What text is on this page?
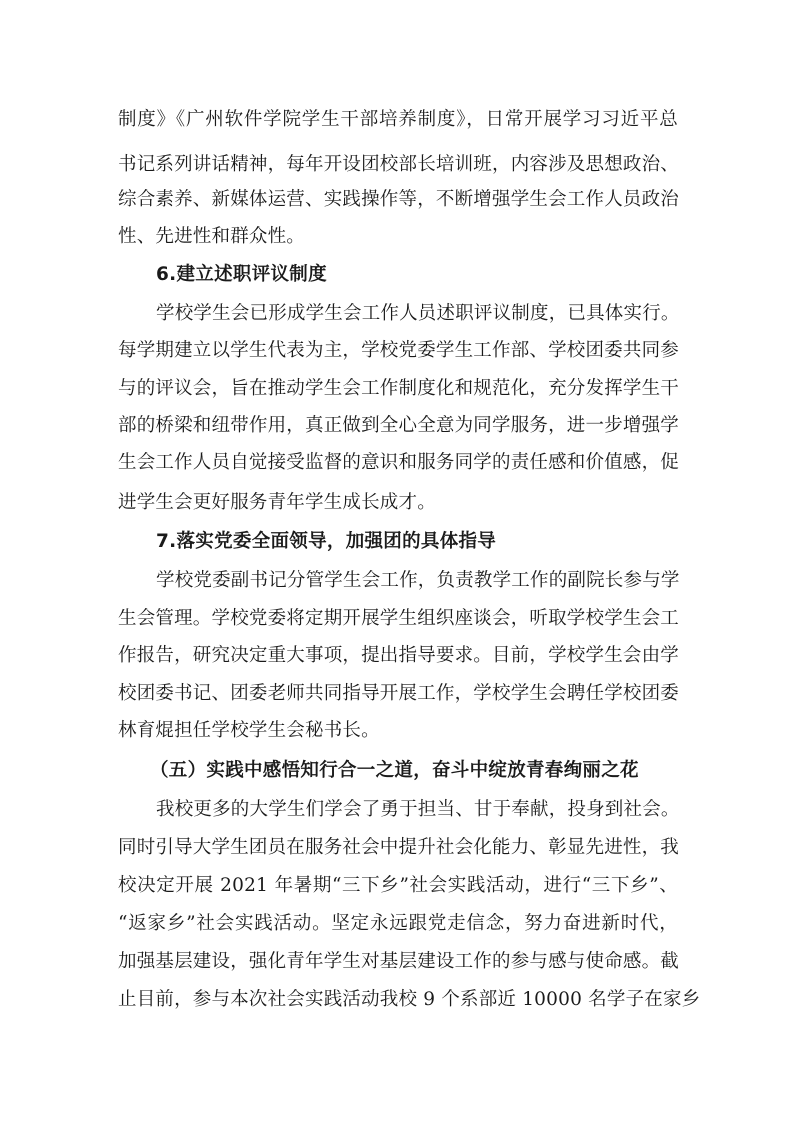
制度》《广州软件学院学生干部培养制度》，日常开展学习习近平总
书记系列讲话精神，每年开设团校部长培训班，内容涉及思想政治、
综合素养、新媒体运营、实践操作等，不断增强学生会工作人员政治
性、先进性和群众性。
6.建立述职评议制度
学校学生会已形成学生会工作人员述职评议制度，已具体实行。
每学期建立以学生代表为主，学校党委学生工作部、学校团委共同参
与的评议会，旨在推动学生会工作制度化和规范化，充分发挥学生干
部的桥梁和纽带作用，真正做到全心全意为同学服务，进一步增强学
生会工作人员自觉接受监督的意识和服务同学的责任感和价值感，促
进学生会更好服务青年学生成长成才。
7.落实党委全面领导，加强团的具体指导
学校党委副书记分管学生会工作，负责教学工作的副院长参与学
生会管理。学校党委将定期开展学生组织座谈会，听取学校学生会工
作报告，研究决定重大事项，提出指导要求。目前，学校学生会由学
校团委书记、团委老师共同指导开展工作，学校学生会聘任学校团委
林育焜担任学校学生会秘书长。
（五）实践中感悟知行合一之道，奋斗中绽放青春绚丽之花
我校更多的大学生们学会了勇于担当、甘于奉献，投身到社会。
同时引导大学生团员在服务社会中提升社会化能力、彰显先进性，我
校决定开展 2021 年暑期“三下乡”社会实践活动，进行“三下乡”、
“返家乡”社会实践活动。坚定永远跟党走信念，努力奋进新时代，
加强基层建设，强化青年学生对基层建设工作的参与感与使命感。截
止目前，参与本次社会实践活动我校 9 个系部近 10000 名学子在家乡
